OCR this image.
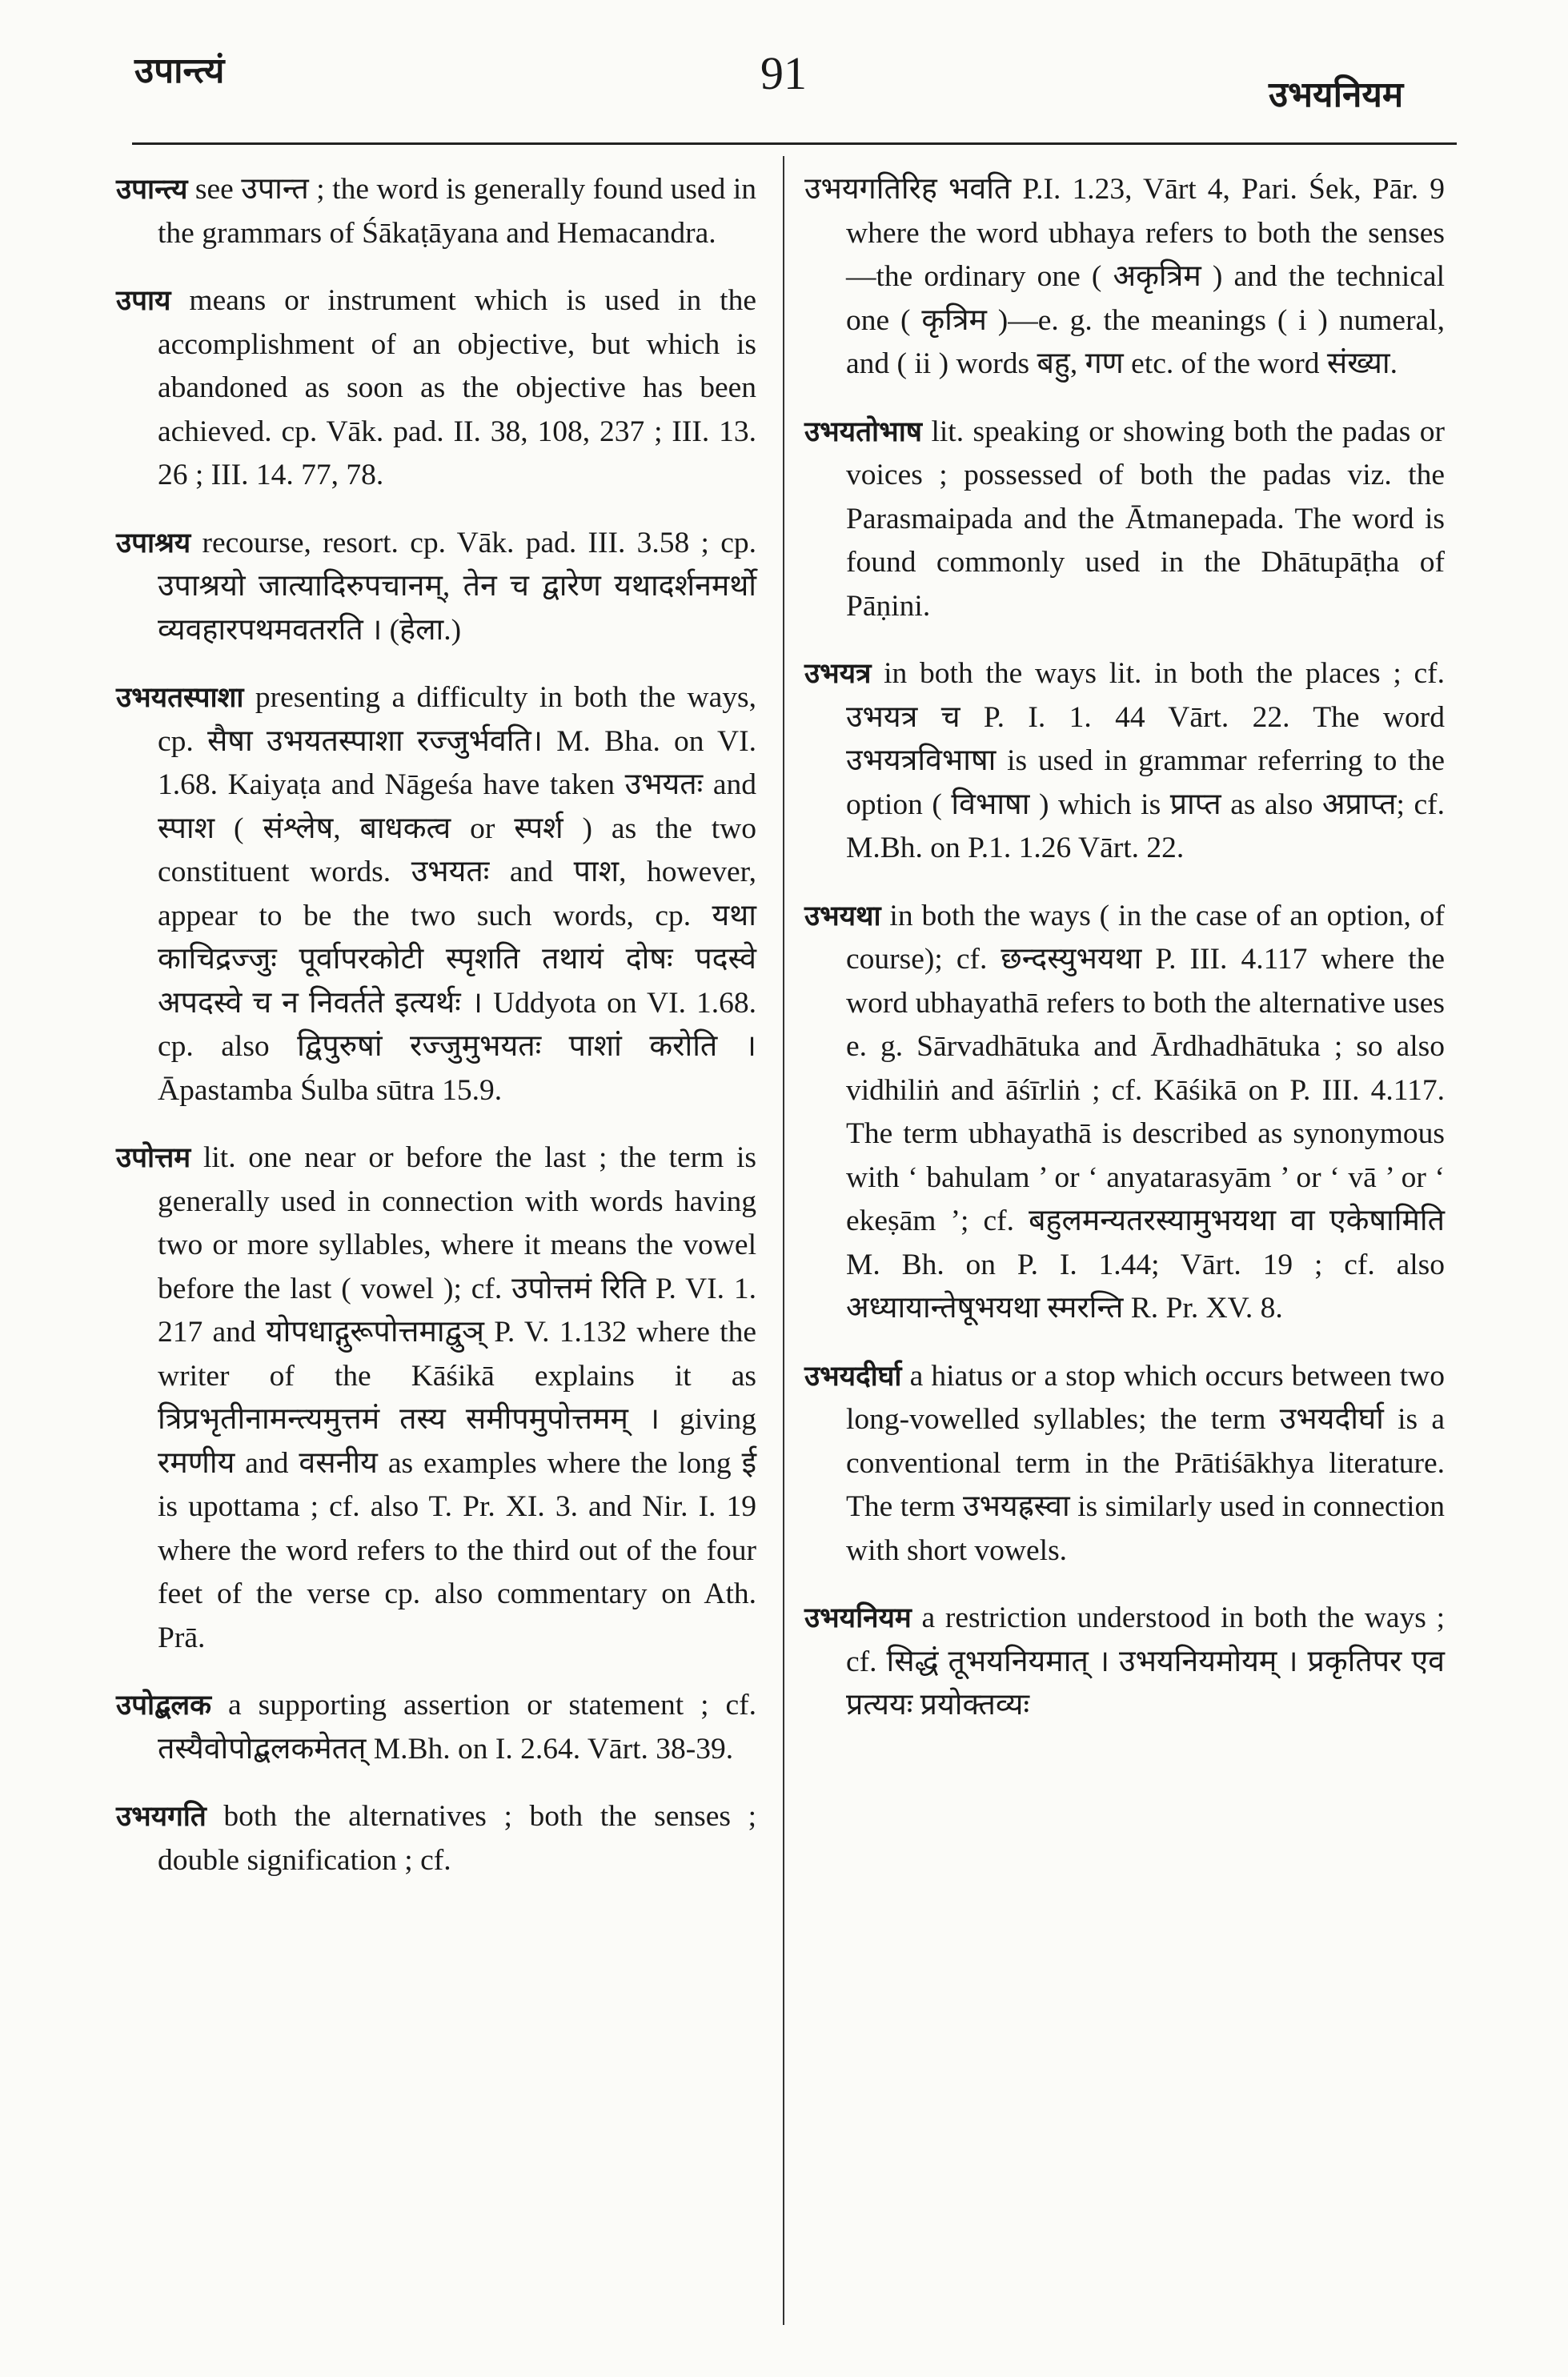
उपान्त्यं	91	उभयनियम

उपान्त्य see उपान्त ; the word is generally found used in the grammars of Śākaṭāyana and Hemacandra.

उपाय means or instrument which is used in the accomplishment of an objective, but which is abandoned as soon as the objective has been achieved. cp. Vāk. pad. II. 38, 108, 237 ; III. 13. 26 ; III. 14. 77, 78.

उपाश्रय recourse, resort. cp. Vāk. pad. III. 3.58 ; cp. उपाश्रयो जात्यादिरुपचानम्, तेन च द्वारेण यथादर्शनमर्थो व्यवहारपथमवतरति । (हेला.)

उभयतस्पाशा presenting a difficulty in both the ways, cp. सैषा उभयतस्पाशा रज्जुर्भवति। M. Bha. on VI. 1.68. Kaiyaṭa and Nāgeśa have taken उभयतः and स्पाश ( संश्लेष, बाधकत्व or स्पर्श ) as the two constituent words. उभयतः and पाश, however, appear to be the two such words, cp. यथा काचिद्रज्जुः पूर्वापरकोटी स्पृशति तथायं दोषः पदस्वे अपदस्वे च न निवर्तते इत्यर्थः । Uddyota on VI. 1.68. cp. also द्विपुरुषां रज्जुमुभयतः पाशां करोति । Āpastamba Śulba sūtra 15.9.

उपोत्तम lit. one near or before the last ; the term is generally used in connection with words having two or more syllables, where it means the vowel before the last ( vowel ); cf. उपोत्तमं रिति P. VI. 1. 217 and योपधाद्गुरूपोत्तमाद्वुञ् P. V. 1.132 where the writer of the Kāśikā explains it as त्रिप्रभृतीनामन्त्यमुत्तमं तस्य समीपमुपोत्तमम् । giving रमणीय and वसनीय as examples where the long ई is upottama ; cf. also T. Pr. XI. 3. and Nir. I. 19 where the word refers to the third out of the four feet of the verse cp. also commentary on Ath. Prā.

उपोद्बलक a supporting assertion or statement ; cf. तस्यैवोपोद्बलकमेतत् M.Bh. on I. 2.64. Vārt. 38-39.

उभयगति both the alternatives ; both the senses ; double signification ; cf.

उभयगतिरिह भवति P.I. 1.23, Vārt 4, Pari. Śek, Pār. 9 where the word ubhaya refers to both the senses—the ordinary one ( अकृत्रिम ) and the technical one ( कृत्रिम )—e. g. the meanings ( i ) numeral, and ( ii ) words बहु, गण etc. of the word संख्या.

उभयतोभाष lit. speaking or showing both the padas or voices ; possessed of both the padas viz. the Parasmaipada and the Ātmanepada. The word is found commonly used in the Dhātupāṭha of Pāṇini.

उभयत्र in both the ways lit. in both the places ; cf. उभयत्र च P. I. 1. 44 Vārt. 22. The word उभयत्रविभाषा is used in grammar referring to the option ( विभाषा ) which is प्राप्त as also अप्राप्त; cf. M.Bh. on P.1. 1.26 Vārt. 22.

उभयथा in both the ways ( in the case of an option, of course); cf. छन्दस्युभयथा P. III. 4.117 where the word ubhayathā refers to both the alternative uses e. g. Sārvadhātuka and Ārdhadhātuka ; so also vidhiliṅ and āśīrliṅ ; cf. Kāśikā on P. III. 4.117. The term ubhayathā is described as synonymous with ‘ bahulam ’ or ‘ anyatarasyām ’ or ‘ vā ’ or ‘ ekeṣām ’; cf. बहुलमन्यतरस्यामुभयथा वा एकेषामिति M. Bh. on P. I. 1.44; Vārt. 19 ; cf. also अध्यायान्तेषूभयथा स्मरन्ति R. Pr. XV. 8.

उभयदीर्घा a hiatus or a stop which occurs between two long-vowelled syllables; the term उभयदीर्घा is a conventional term in the Prātiśākhya literature. The term उभयह्रस्वा is similarly used in connection with short vowels.

उभयनियम a restriction understood in both the ways ; cf. सिद्धं तूभयनियमात् । उभयनियमोयम् । प्रकृतिपर एव प्रत्ययः प्रयोक्तव्यः
